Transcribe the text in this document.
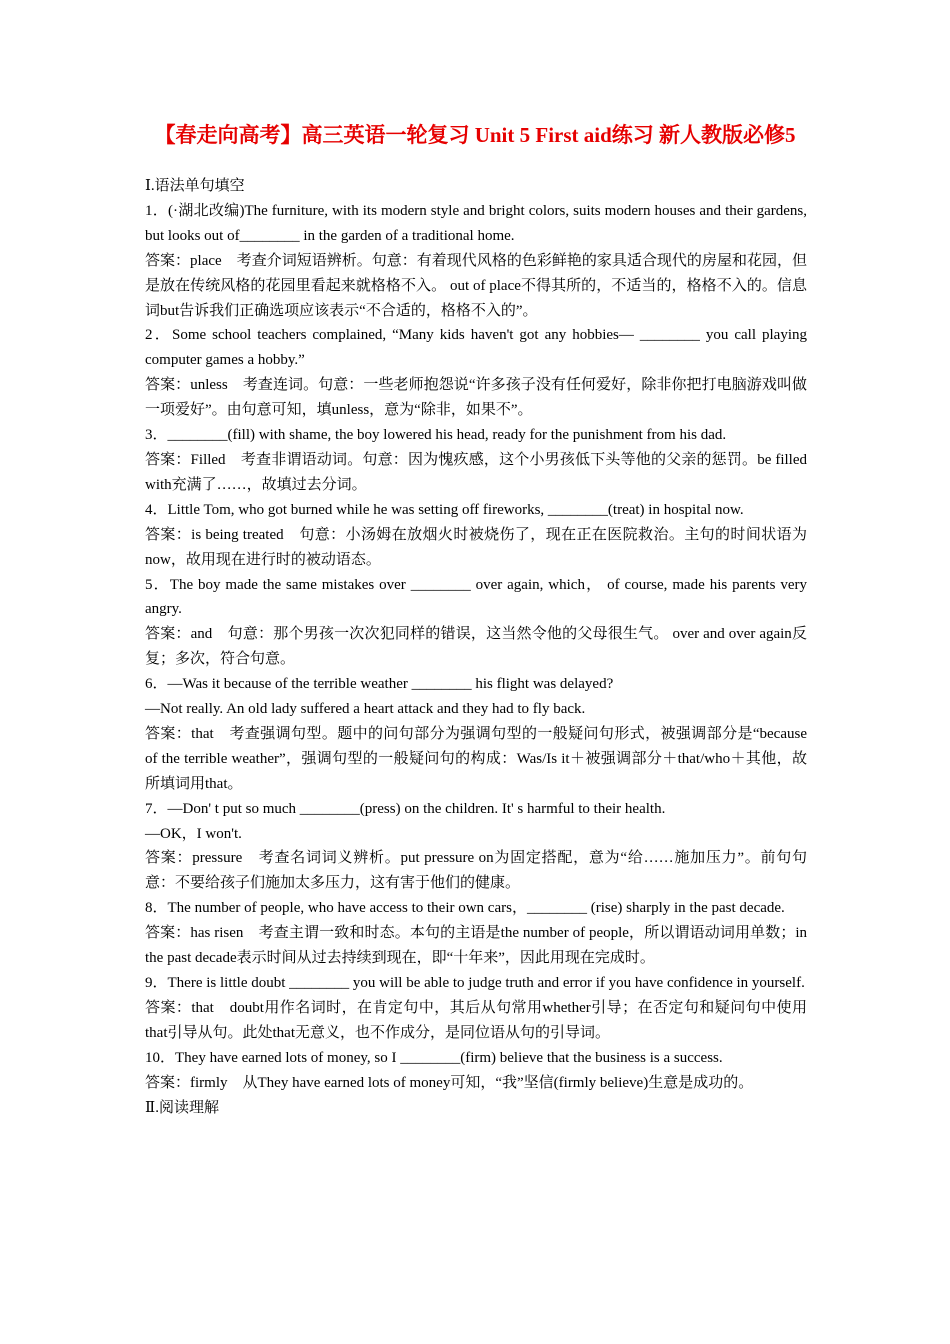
【春走向高考】高三英语一轮复习 Unit 5 First aid练习 新人教版必修5

Ⅰ.语法单句填空

1．(·湖北改编)The furniture, with its modern style and bright colors, suits modern houses and their gardens, but looks out of________ in the garden of a traditional home.

答案：place　考查介词短语辨析。句意：有着现代风格的色彩鲜艳的家具适合现代的房屋和花园，但是放在传统风格的花园里看起来就格格不入。 out of place不得其所的，不适当的，格格不入的。信息词but告诉我们正确选项应该表示“不合适的，格格不入的”。

2．Some school teachers complained, “Many kids haven't got any hobbies— ________ you call playing computer games a hobby.”

答案：unless　考查连词。句意：一些老师抱怨说“许多孩子没有任何爱好，除非你把打电脑游戏叫做一项爱好”。由句意可知，填unless，意为“除非，如果不”。

3．________(fill) with shame, the boy lowered his head, ready for the punishment from his dad.

答案：Filled　考查非谓语动词。句意：因为愧疚感，这个小男孩低下头等他的父亲的惩罚。be filled with充满了……，故填过去分词。

4．Little Tom, who got burned while he was setting off fireworks, ________(treat) in hospital now.

答案：is being treated　句意：小汤姆在放烟火时被烧伤了，现在正在医院救治。主句的时间状语为now，故用现在进行时的被动语态。

5．The boy made the same mistakes over ________ over again, which， of course, made his parents very angry.

答案：and　句意：那个男孩一次次犯同样的错误，这当然令他的父母很生气。 over and over again反复；多次，符合句意。

6．—Was it because of the terrible weather ________ his flight was delayed?

—Not really. An old lady suffered a heart attack and they had to fly back.

答案：that　考查强调句型。题中的问句部分为强调句型的一般疑问句形式，被强调部分是“because of the terrible weather”，强调句型的一般疑问句的构成：Was/Is it＋被强调部分＋that/who＋其他，故所填词用that。

7．—Don' t put so much ________(press) on the children. It' s harmful to their health.

—OK，I won't.

答案：pressure　考查名词词义辨析。put pressure on为固定搭配，意为“给……施加压力”。前句句意：不要给孩子们施加太多压力，这有害于他们的健康。

8．The number of people, who have access to their own cars，________ (rise) sharply in the past decade.

答案：has risen　考查主谓一致和时态。本句的主语是the number of people，所以谓语动词用单数；in the past decade表示时间从过去持续到现在，即“十年来”，因此用现在完成时。

9．There is little doubt ________ you will be able to judge truth and error if you have confidence in yourself.

答案：that　doubt用作名词时，在肯定句中，其后从句常用whether引导；在否定句和疑问句中使用that引导从句。此处that无意义，也不作成分，是同位语从句的引导词。

10．They have earned lots of money, so I ________(firm) believe that the business is a success.

答案：firmly　从They have earned lots of money可知，“我”坚信(firmly believe)生意是成功的。

Ⅱ.阅读理解
